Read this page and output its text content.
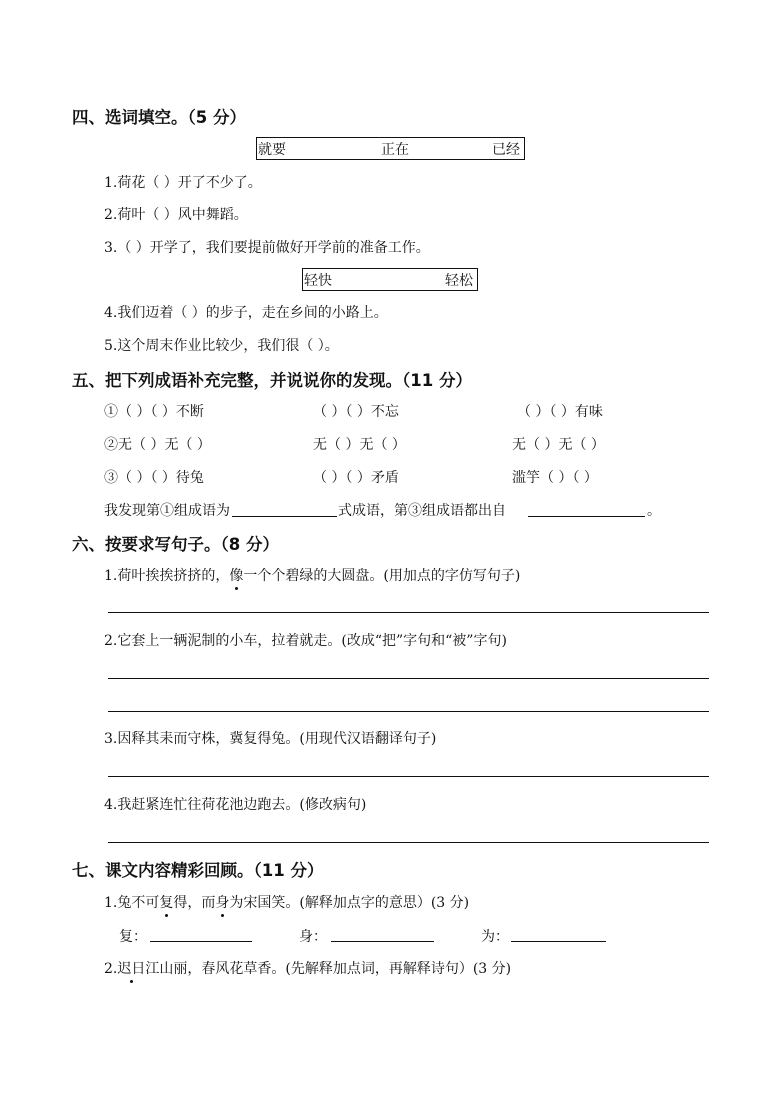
四、选词填空。（5 分）
就要	正在	已经
1.荷花（ ）开了不少了。
2.荷叶（ ）风中舞蹈。
3.（ ）开学了，我们要提前做好开学前的准备工作。
轻快	轻松
4.我们迈着（ ）的步子，走在乡间的小路上。
5.这个周末作业比较少，我们很（ ）。
五、把下列成语补充完整，并说说你的发现。（11 分）
①（ ）（ ）不断	（ ）（ ）不忘	（ ）（ ）有味
②无（ ）无（ ）	无（ ）无（ ）	无（ ）无（ ）
③（ ）（ ）待兔	（ ）（ ）矛盾	滥竽（ ）（ ）
我发现第①组成语为	式成语，第③组成语都出自	。
六、按要求写句子。（8 分）
1.荷叶挨挨挤挤的，像一个个碧绿的大圆盘。(用加点的字仿写句子)
2.它套上一辆泥制的小车，拉着就走。(改成“把”字句和“被”字句)
3.因释其耒而守株，冀复得兔。(用现代汉语翻译句子)
4.我赶紧连忙往荷花池边跑去。(修改病句)
七、课文内容精彩回顾。（11 分）
1.兔不可复得，而身为宋国笑。(解释加点字的意思）(3 分)
复：	身：	为：
2.迟日江山丽，春风花草香。(先解释加点词，再解释诗句）(3 分)
